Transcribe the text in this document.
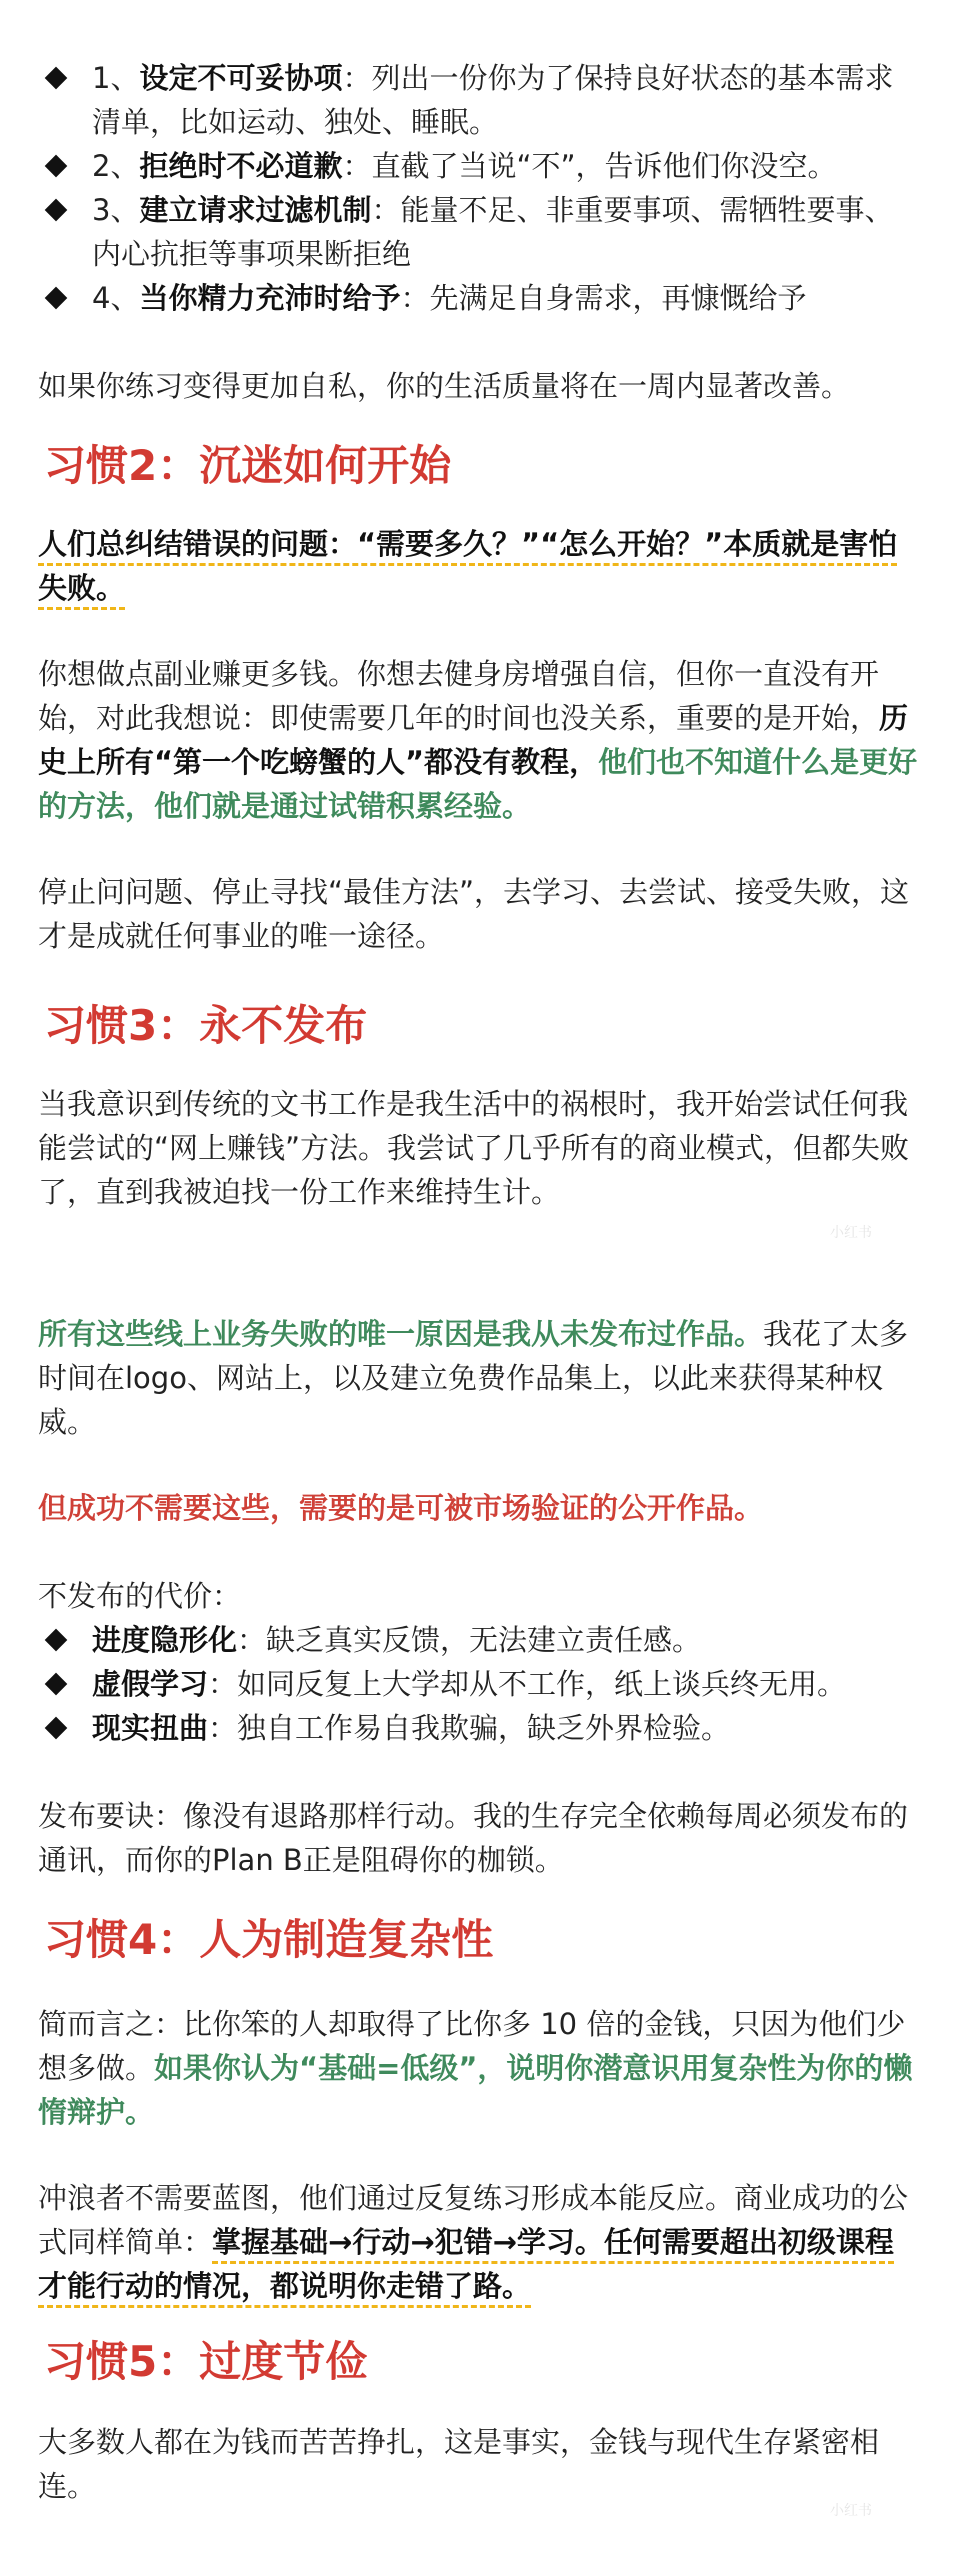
1、设定不可妥协项：列出一份你为了保持良好状态的基本需求清单，比如运动、独处、睡眠。
2、拒绝时不必道歉：直截了当说“不”，告诉他们你没空。
3、建立请求过滤机制：能量不足、非重要事项、需牺牲要事、内心抗拒等事项果断拒绝
4、当你精力充沛时给予：先满足自身需求，再慷慨给予

如果你练习变得更加自私，你的生活质量将在一周内显著改善。

习惯2：沉迷如何开始

人们总纠结错误的问题：“需要多久？”“怎么开始？”本质就是害怕失败。

你想做点副业赚更多钱。你想去健身房增强自信，但你一直没有开始，对此我想说：即使需要几年的时间也没关系，重要的是开始，历史上所有“第一个吃螃蟹的人”都没有教程，他们也不知道什么是更好的方法，他们就是通过试错积累经验。

停止问问题、停止寻找“最佳方法”，去学习、去尝试、接受失败，这才是成就任何事业的唯一途径。

习惯3：永不发布

当我意识到传统的文书工作是我生活中的祸根时，我开始尝试任何我能尝试的“网上赚钱”方法。我尝试了几乎所有的商业模式，但都失败了，直到我被迫找一份工作来维持生计。

小红书

所有这些线上业务失败的唯一原因是我从未发布过作品。我花了太多时间在logo、网站上，以及建立免费作品集上，以此来获得某种权威。

但成功不需要这些，需要的是可被市场验证的公开作品。

不发布的代价：

进度隐形化：缺乏真实反馈，无法建立责任感。
虚假学习：如同反复上大学却从不工作，纸上谈兵终无用。
现实扭曲：独自工作易自我欺骗，缺乏外界检验。

发布要诀：像没有退路那样行动。我的生存完全依赖每周必须发布的通讯，而你的Plan B正是阻碍你的枷锁。

习惯4：人为制造复杂性

简而言之：比你笨的人却取得了比你多 10 倍的金钱，只因为他们少想多做。如果你认为“基础=低级”，说明你潜意识用复杂性为你的懒惰辩护。

冲浪者不需要蓝图，他们通过反复练习形成本能反应。商业成功的公式同样简单：掌握基础→行动→犯错→学习。任何需要超出初级课程才能行动的情况，都说明你走错了路。

习惯5：过度节俭

大多数人都在为钱而苦苦挣扎，这是事实，金钱与现代生存紧密相连。

小红书
